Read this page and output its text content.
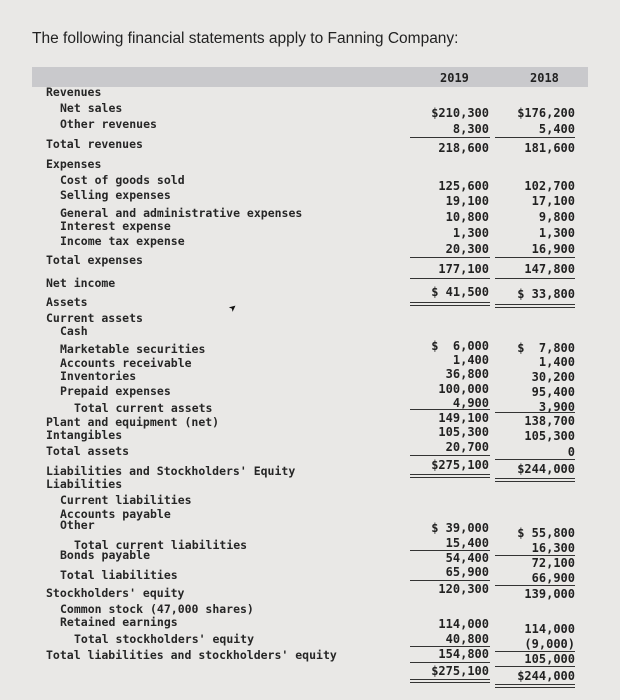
The following financial statements apply to Fanning Company:
2019	2018
Revenues
Net sales	$210,300 $176,200
Other revenues	8,300	5,400
Total revenues	218,600	181,600
Expenses
Cost of goods sold	125,600	102,700
Selling expenses	19,100	17,100
General and administrative expenses	10,800	9,800
Interest expense	1,300	1,300
Income tax expense
20,300	16,900
Total expenses
177,100	147,800
Net income
$ 41,500 $ 33,800
Assets
Current assets
➤
Cash
$  6,000 $  7,800
Marketable securities
1,400	1,400
Accounts receivable
36,800	30,200
Inventories
100,000	95,400
Prepaid expenses
4,900	3,900
Total current assets
149,100	138,700
Plant and equipment (net)
105,300	105,300
Intangibles
20,700	0
Total assets
$275,100 $244,000
Liabilities and Stockholders' Equity
Liabilities
Current liabilities
Accounts payable
$ 39,000 $ 55,800
Other
15,400	16,300
Total current liabilities
54,400	72,100
Bonds payable
65,900	66,900
Total liabilities
120,300	139,000
Stockholders' equity
Common stock (47,000 shares)
114,000	114,000
Retained earnings
40,800	(9,000)
Total stockholders' equity
154,800	105,000
Total liabilities and stockholders' equity
$275,100 $244,000
